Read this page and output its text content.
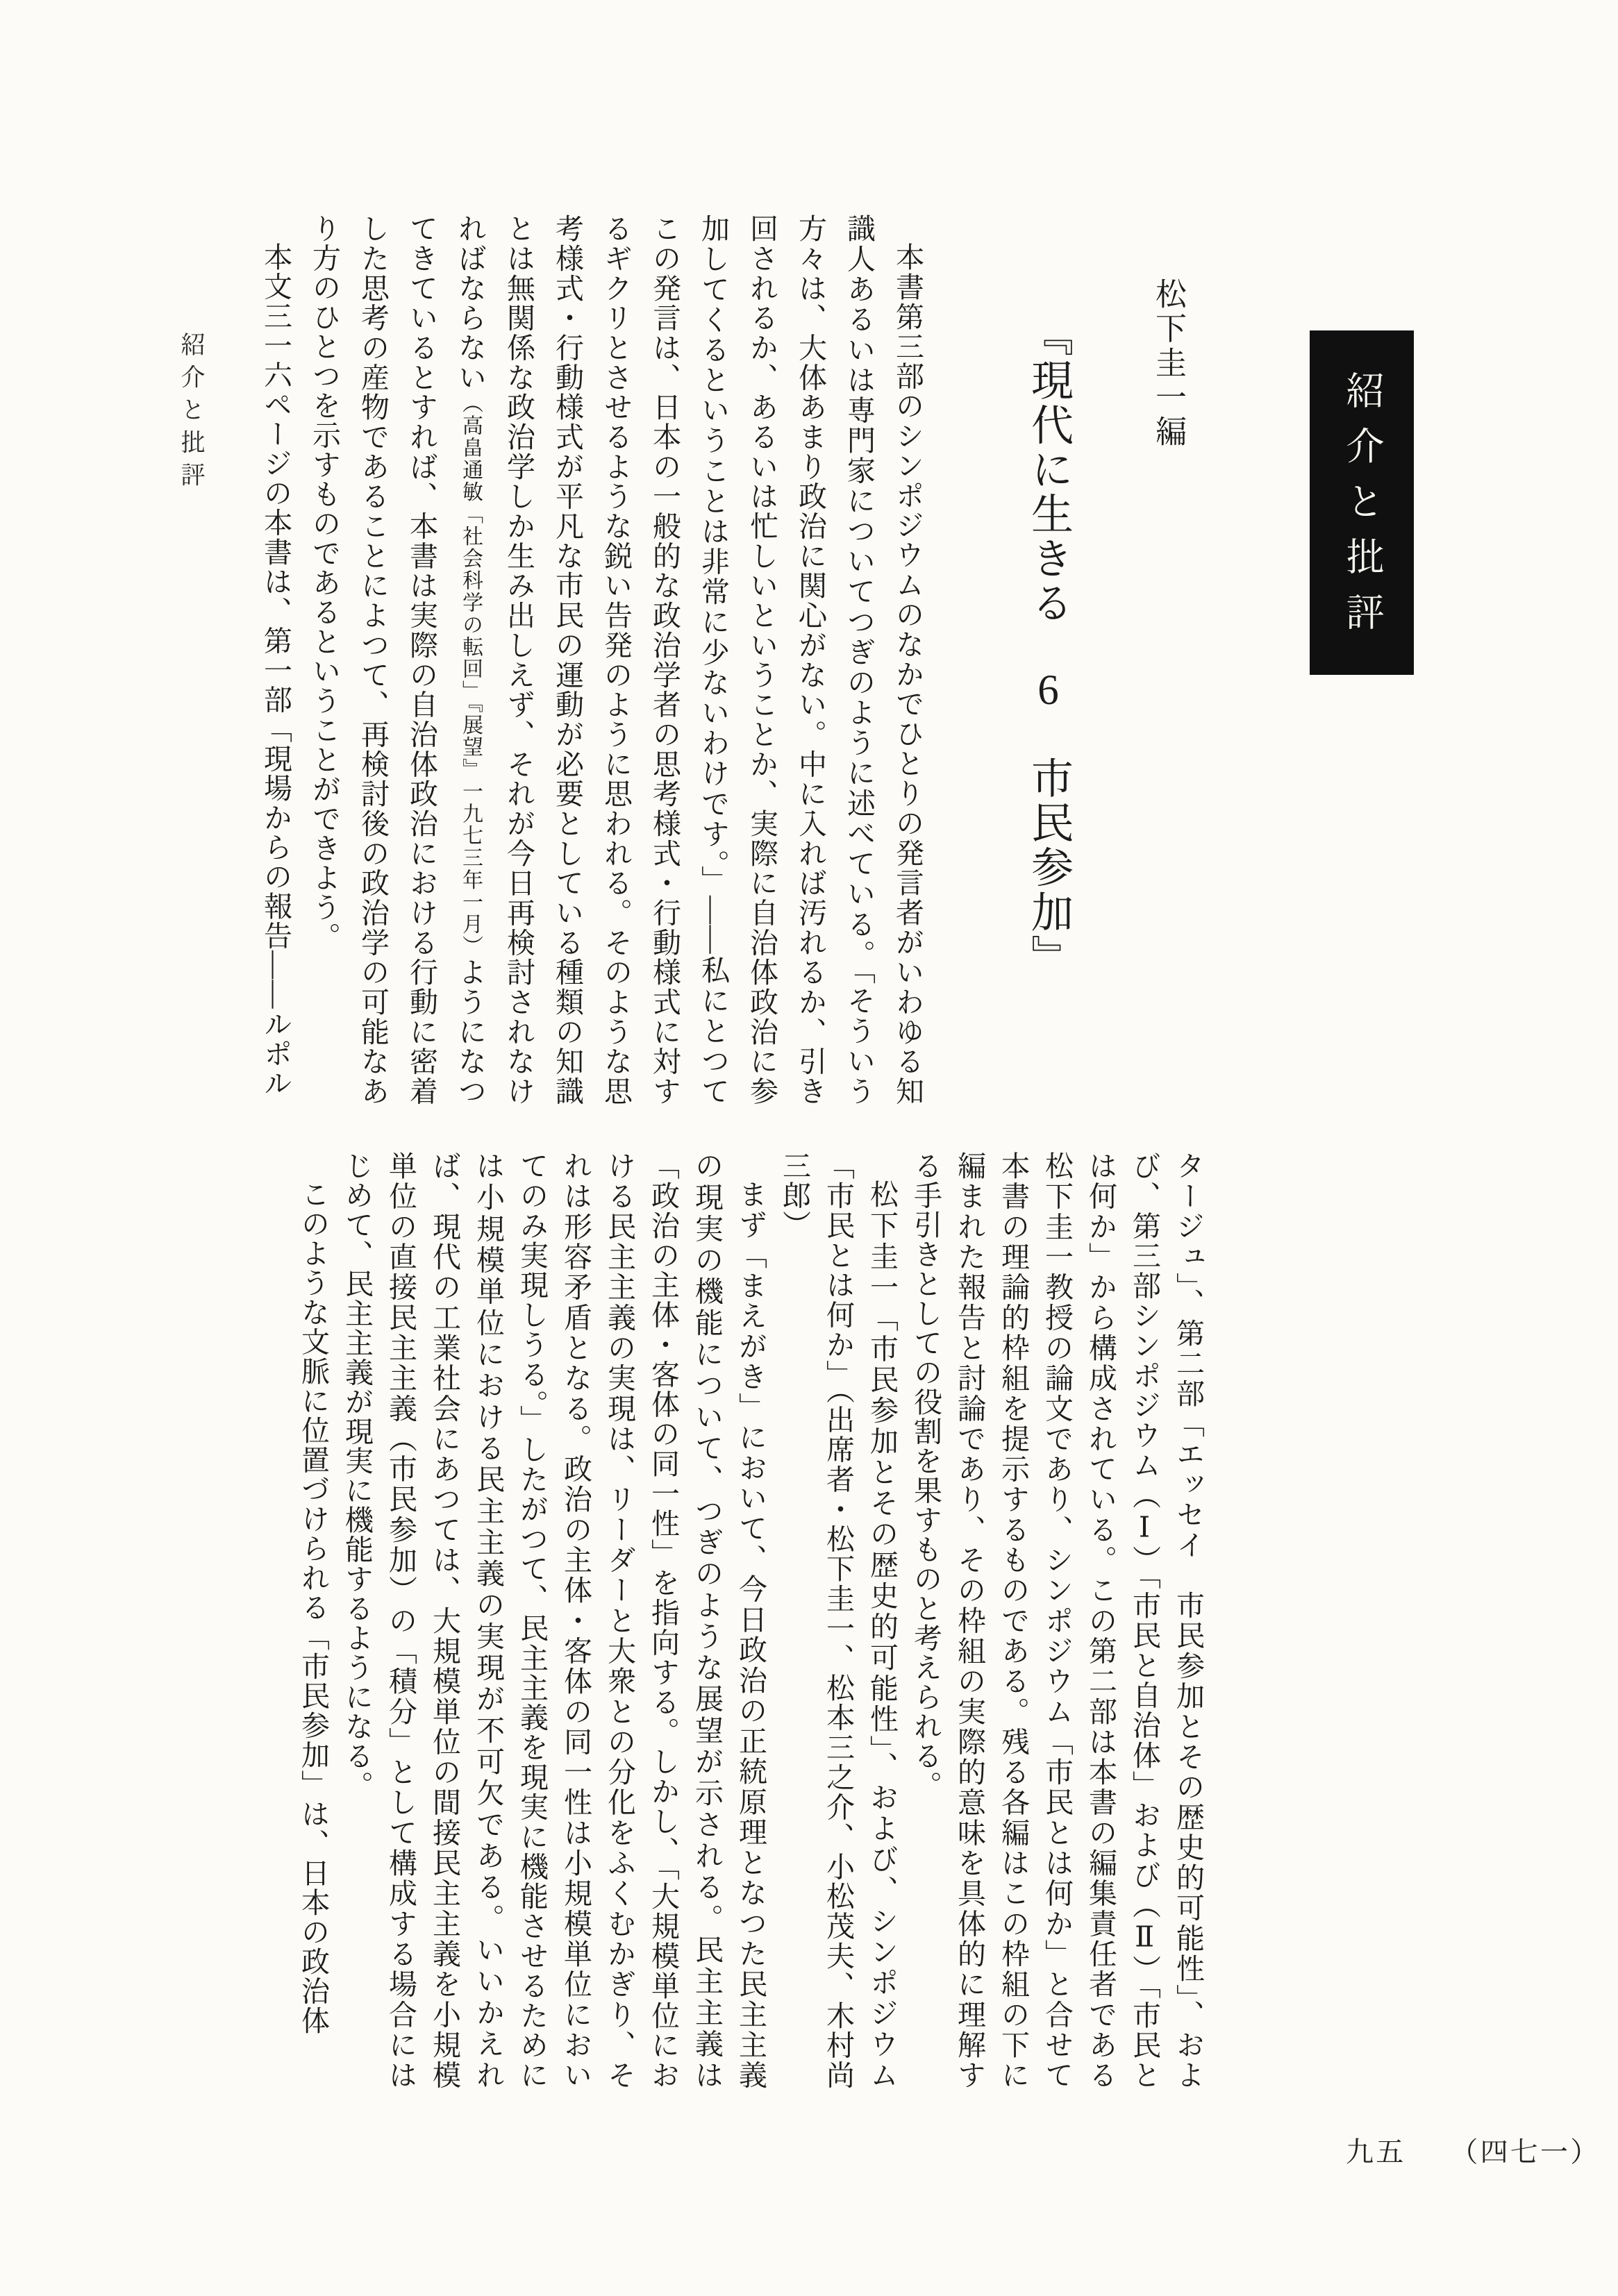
紹介と批評	紹介と批評
松下圭一編
『現代に生きる　6　市民参加』

本書第三部のシンポジウムのなかでひとりの発言者がいわゆる知識人あるいは専門家についてつぎのように述べている。「そういう方々は、大体あまり政治に関心がない。中に入れば汚れるか、引き回されるか、あるいは忙しいということか、実際に自治体政治に参加してくるということは非常に少ないわけです。」――私にとつてこの発言は、日本の一般的な政治学者の思考様式・行動様式に対するギクリとさせるような鋭い告発のように思われる。そのような思考様式・行動様式が平凡な市民の運動が必要としている種類の知識とは無関係な政治学しか生み出しえず、それが今日再検討されなければならない（高畠通敏「社会科学の転回」『展望』一九七三年一月）ようになつてきているとすれば、本書は実際の自治体政治における行動に密着した思考の産物であることによつて、再検討後の政治学の可能なあり方のひとつを示すものであるということができよう。

本文三一六ページの本書は、第一部「現場からの報告――ルポル

タージュ」、第二部「エッセイ　市民参加とその歴史的可能性」、および、第三部シンポジウム（Ⅰ）「市民と自治体」および（Ⅱ）「市民とは何か」から構成されている。この第二部は本書の編集責任者である松下圭一教授の論文であり、シンポジウム「市民とは何か」と合せて本書の理論的枠組を提示するものである。残る各編はこの枠組の下に編まれた報告と討論であり、その枠組の実際的意味を具体的に理解する手引きとしての役割を果すものと考えられる。

松下圭一「市民参加とその歴史的可能性」、および、シンポジウム「市民とは何か」（出席者・松下圭一、松本三之介、小松茂夫、木村尚三郎）

まず「まえがき」において、今日政治の正統原理となつた民主主義の現実の機能について、つぎのような展望が示される。民主主義は「政治の主体・客体の同一性」を指向する。しかし、「大規模単位における民主主義の実現は、リーダーと大衆との分化をふくむかぎり、それは形容矛盾となる。政治の主体・客体の同一性は小規模単位においてのみ実現しうる。」したがつて、民主主義を現実に機能させるためには小規模単位における民主主義の実現が不可欠である。いいかえれば、現代の工業社会にあつては、大規模単位の間接民主主義を小規模単位の直接民主主義（市民参加）の「積分」として構成する場合にはじめて、民主主義が現実に機能するようになる。

このような文脈に位置づけられる「市民参加」は、日本の政治体

九五 （四七一）
